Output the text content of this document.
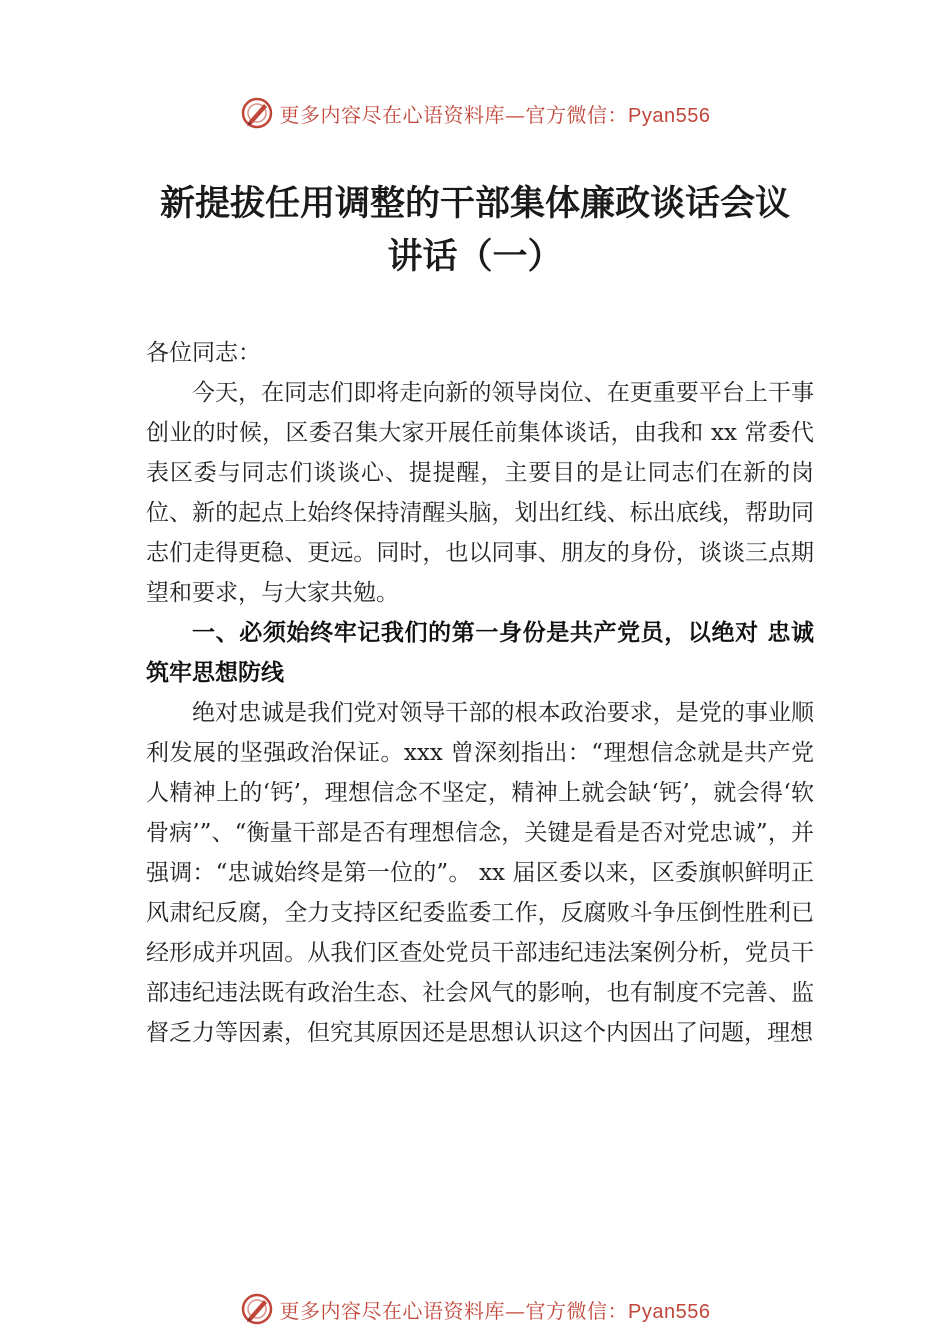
更多内容尽在心语资料库—官方微信：Pyan556
新提拔任用调整的干部集体廉政谈话会议
讲话（一）

各位同志：

今天，在同志们即将走向新的领导岗位、在更重要平台上干事创业的时候，区委召集大家开展任前集体谈话，由我和 xx 常委代表区委与同志们谈谈心、提提醒，主要目的是让同志们在新的岗位、新的起点上始终保持清醒头脑，划出红线、标出底线，帮助同志们走得更稳、更远。同时，也以同事、朋友的身份，谈谈三点期望和要求，与大家共勉。

一、必须始终牢记我们的第一身份是共产党员，以绝对 忠诚筑牢思想防线

绝对忠诚是我们党对领导干部的根本政治要求，是党的事业顺利发展的坚强政治保证。xxx 曾深刻指出：“理想信念就是共产党人精神上的‘钙’，理想信念不坚定，精神上就会缺‘钙’，就会得‘软骨病’”、“衡量干部是否有理想信念，关键是看是否对党忠诚”，并强调：“忠诚始终是第一位的”。 xx 届区委以来，区委旗帜鲜明正风肃纪反腐，全力支持区纪委监委工作，反腐败斗争压倒性胜利已经形成并巩固。从我们区查处党员干部违纪违法案例分析，党员干部违纪违法既有政治生态、社会风气的影响，也有制度不完善、监督乏力等因素，但究其原因还是思想认识这个内因出了问题，理想

更多内容尽在心语资料库—官方微信：Pyan556
